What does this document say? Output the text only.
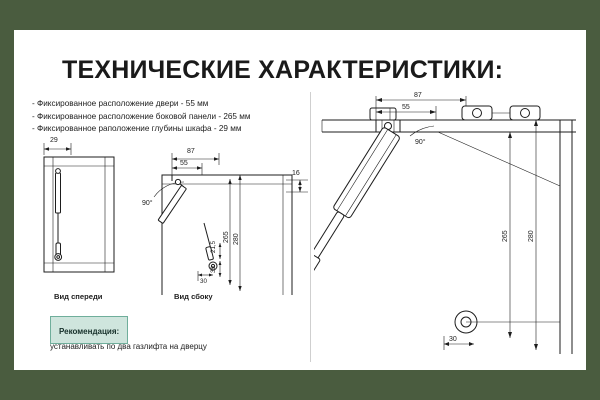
ТЕХНИЧЕСКИЕ ХАРАКТЕРИСТИКИ:
- Фиксированное расположение двери - 55 мм
- Фиксированное расположение боковой панели - 265 мм
- Фиксированное раположение глубины шкафа - 29 мм
29
87
55
16
90°
265 280
21,5
39
30
Вид спереди	Вид сбоку
Рекомендация:
устанавливать по два газлифта на дверцу
87
55
90°
265	280
30
